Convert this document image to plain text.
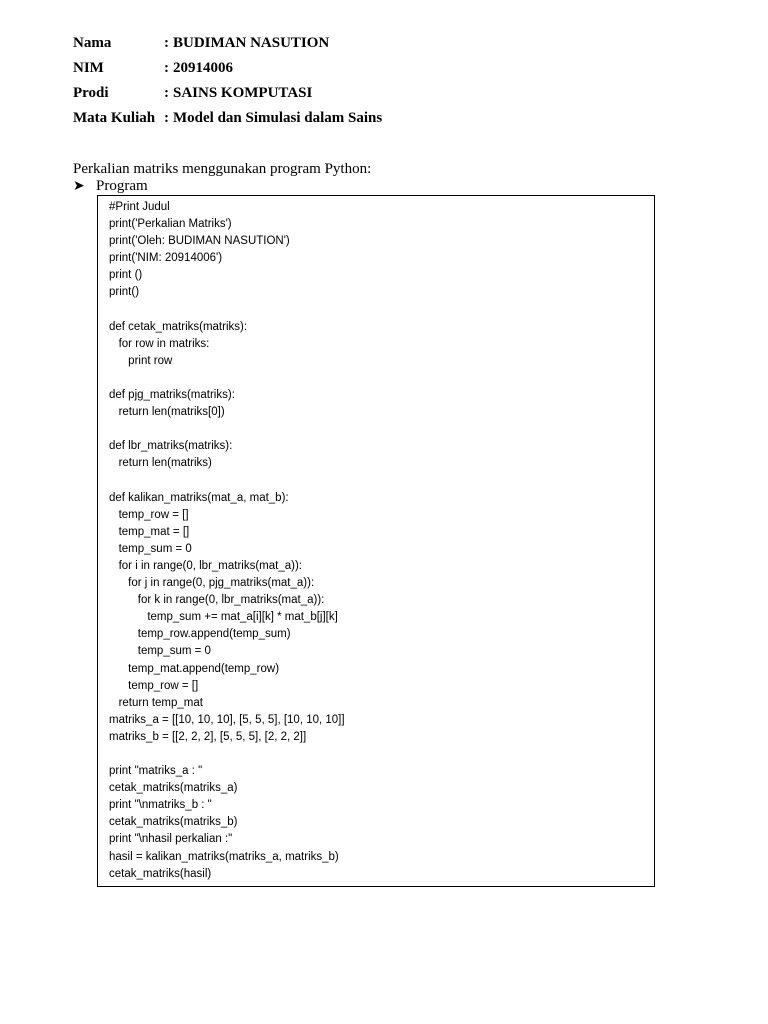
Nama	: BUDIMAN NASUTION
NIM	: 20914006
Prodi	: SAINS KOMPUTASI
Mata Kuliah : Model dan Simulasi dalam Sains
Perkalian matriks menggunakan program Python:
➤ Program
#Print Judul
print('Perkalian Matriks')
print('Oleh: BUDIMAN NASUTION')
print('NIM: 20914006')
print ()
print()
def cetak_matriks(matriks):
for row in matriks:
print row
def pjg_matriks(matriks):
return len(matriks[0])
def lbr_matriks(matriks):
return len(matriks)
def kalikan_matriks(mat_a, mat_b):
temp_row = []
temp_mat = []
temp_sum = 0
for i in range(0, lbr_matriks(mat_a)):
for j in range(0, pjg_matriks(mat_a)):
for k in range(0, lbr_matriks(mat_a)):
temp_sum += mat_a[i][k] * mat_b[j][k]
temp_row.append(temp_sum)
temp_sum = 0
temp_mat.append(temp_row)
temp_row = []
return temp_mat
matriks_a = [[10, 10, 10], [5, 5, 5], [10, 10, 10]]
matriks_b = [[2, 2, 2], [5, 5, 5], [2, 2, 2]]
print "matriks_a : "
cetak_matriks(matriks_a)
print "\nmatriks_b : "
cetak_matriks(matriks_b)
print "\nhasil perkalian :"
hasil = kalikan_matriks(matriks_a, matriks_b)
cetak_matriks(hasil)
